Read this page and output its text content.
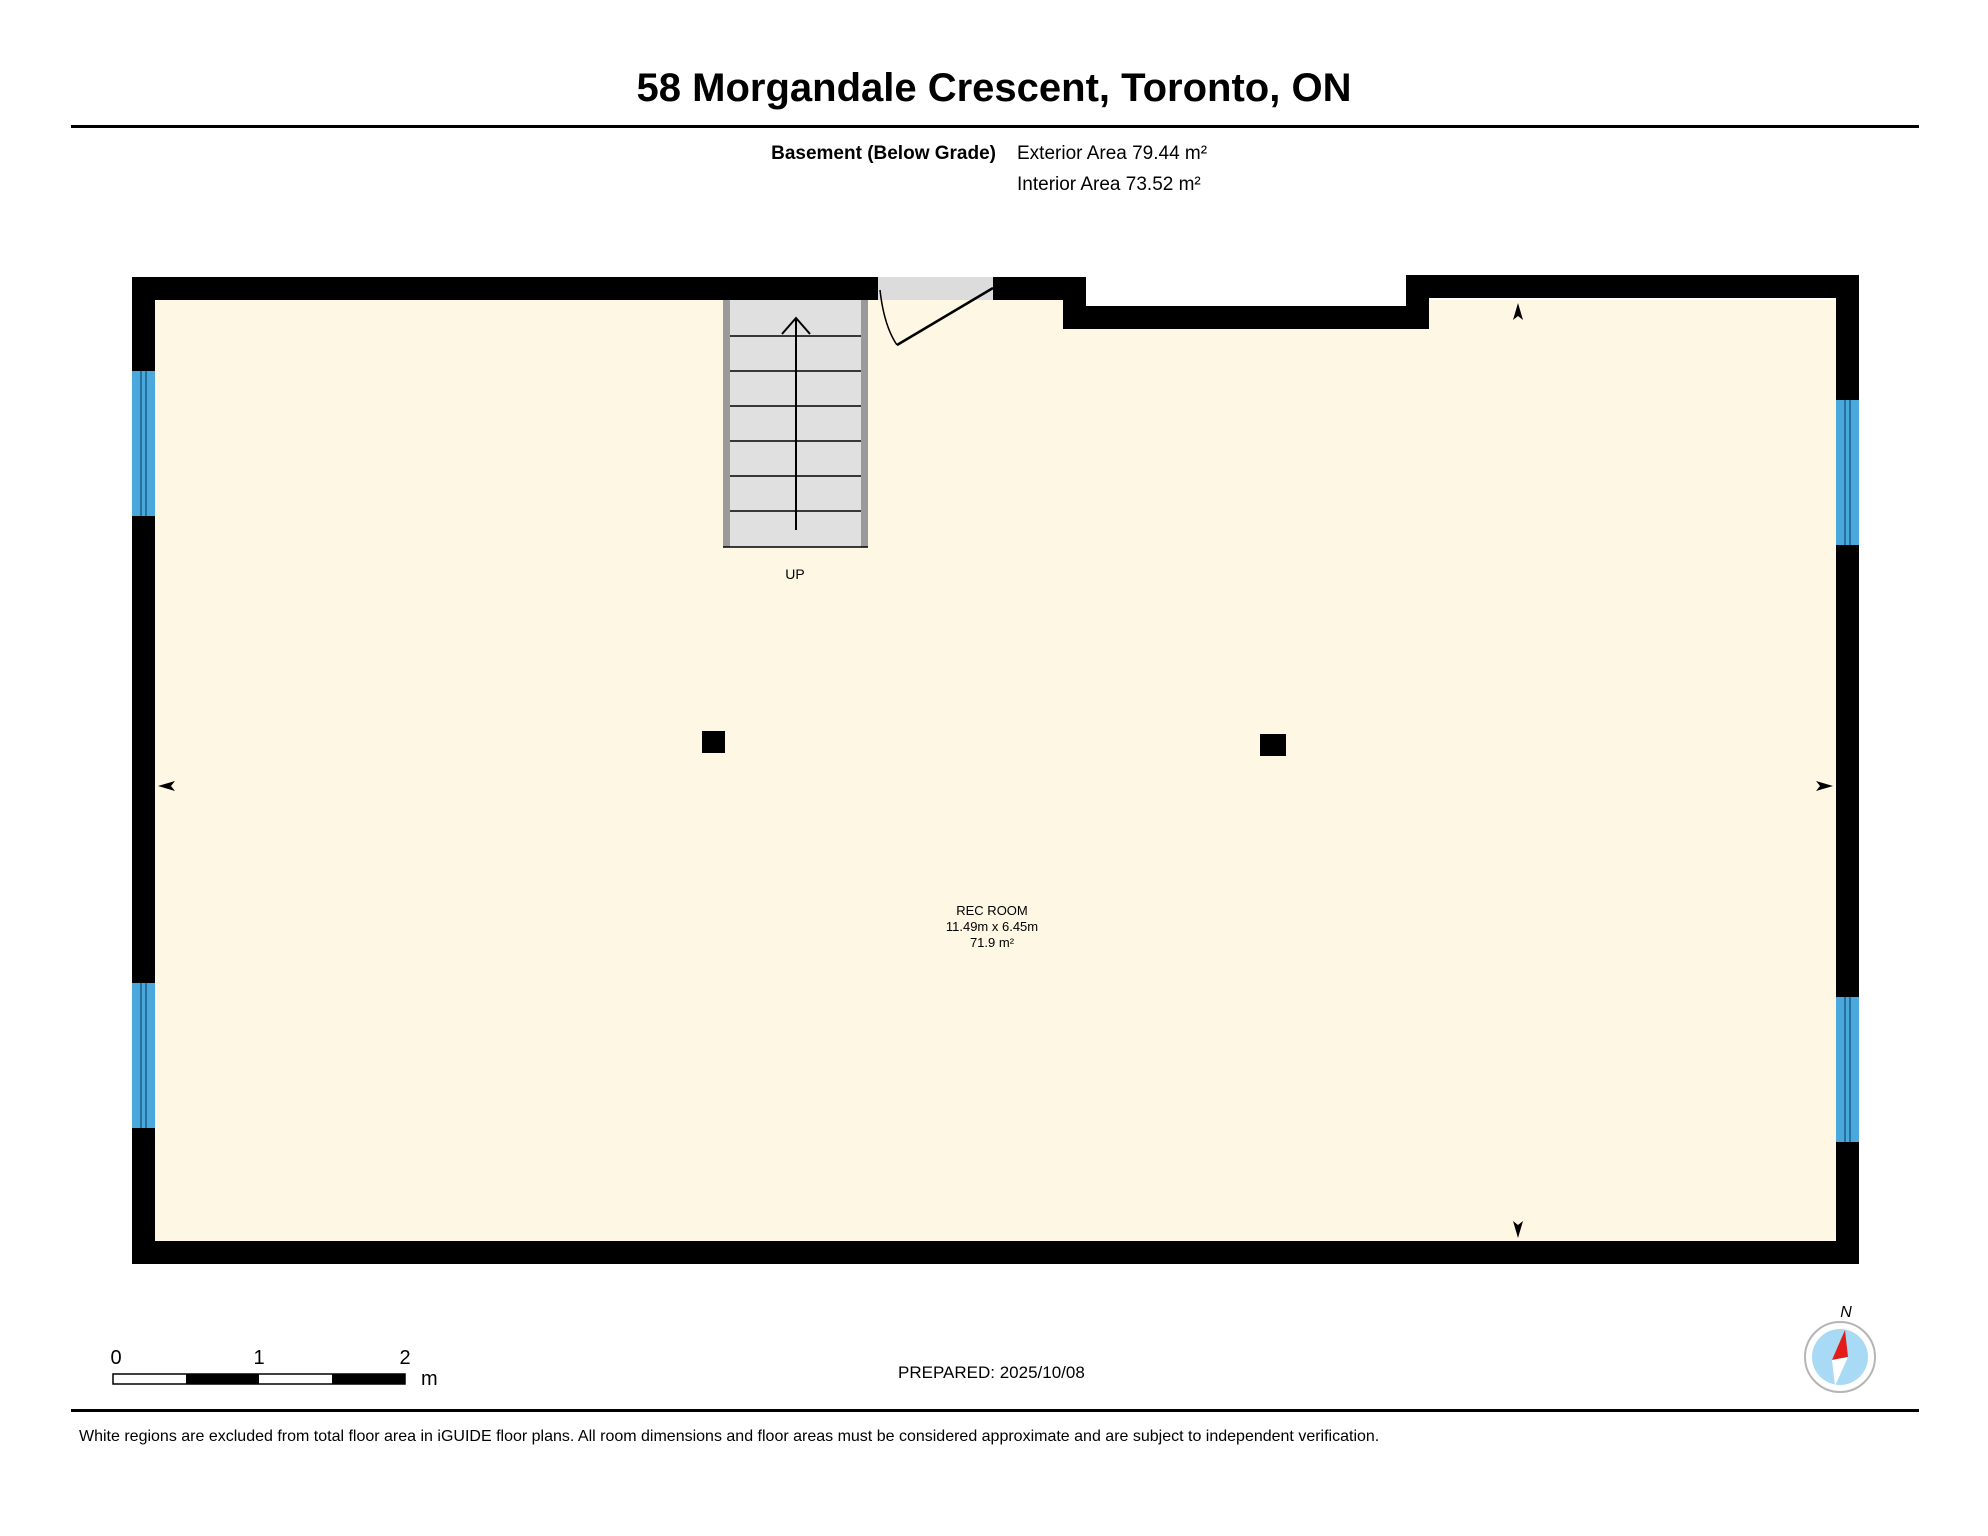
58 Morgandale Crescent, Toronto, ON
Basement (Below Grade) Exterior Area 79.44 m²
Interior Area 73.52 m²
UP
REC ROOM
11.49m x 6.45m
71.9 m²
0	1	2
m
N
PREPARED: 2025/10/08
White regions are excluded from total floor area in iGUIDE floor plans. All room dimensions and floor areas must be considered approximate and are subject to independent verification.
